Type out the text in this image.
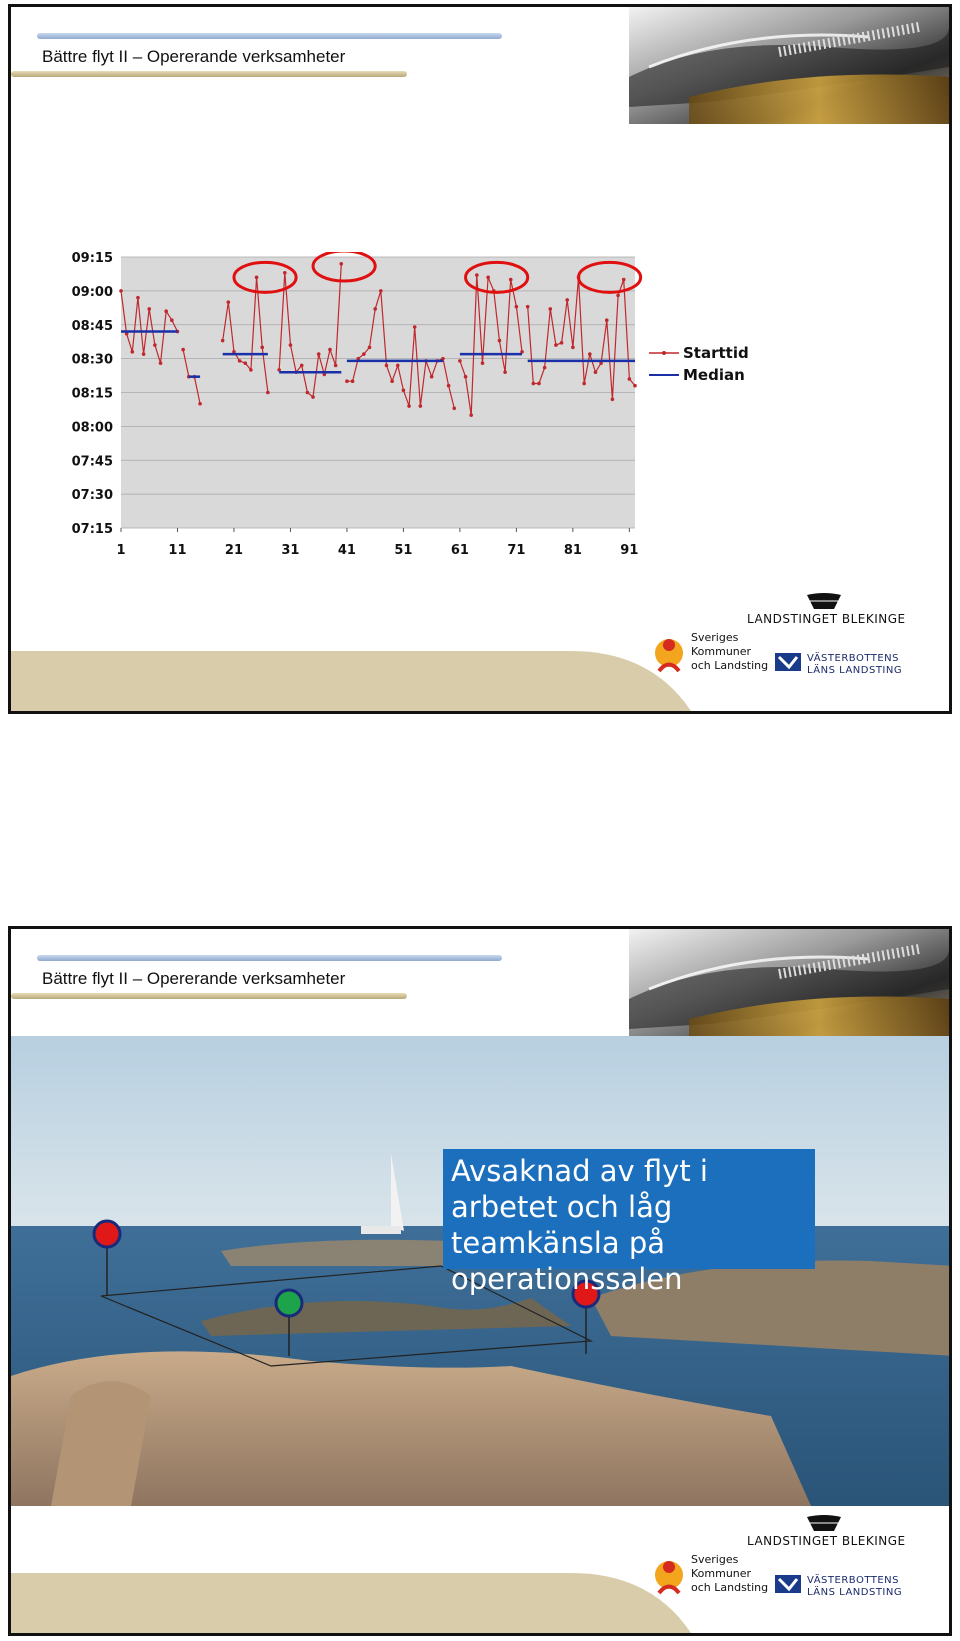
Bättre flyt II – Opererande verksamheter
09:15
09:00
08:45
08:30
08:15
08:00
07:45
07:30
07:15
1	11	21	31	41	51	61	71	81	91
Starttid
Median
LANDSTINGET BLEKINGE
Sveriges
Kommuner
och Landsting
VÄSTERBOTTENS
LÄNS LANDSTING
Bättre flyt II – Opererande verksamheter
Avsaknad av flyt i
arbetet och låg
teamkänsla på
operationssalen
LANDSTINGET BLEKINGE
Sveriges
Kommuner
och Landsting
VÄSTERBOTTENS
LÄNS LANDSTING
